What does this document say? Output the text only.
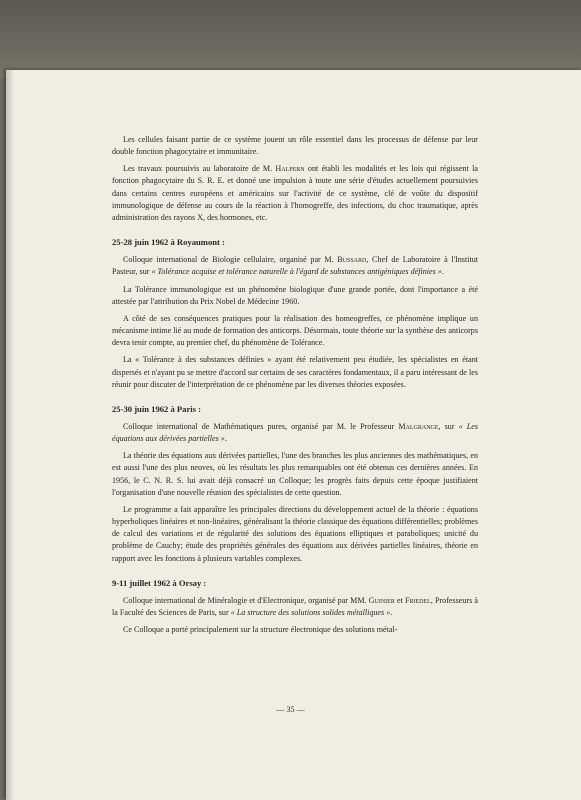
Les cellules faisant partie de ce système jouent un rôle essentiel dans les processus de défense par leur double fonction phagocytaire et immunitaire.

Les travaux poursuivis au laboratoire de M. Halpern ont établi les modalités et les lois qui régissent la fonction phagocytaire du S. R. E. et donné une impulsion à toute une série d'études actuellement poursuivies dans certains centres européens et américains sur l'activité de ce système, clé de voûte du dispositif immunologique de défense au cours de la réaction à l'homogreffe, des infections, du choc traumatique, après administration des rayons X, des hormones, etc.

25-28 juin 1962 à Royaumont :

Colloque international de Biologie cellulaire, organisé par M. Bussard, Chef de Laboratoire à l'Institut Pasteur, sur « Tolérance acquise et tolérance naturelle à l'égard de substances antigéniques définies ».

La Tolérance immunologique est un phénomène biologique d'une grande portée, dont l'importance a été attestée par l'attribution du Prix Nobel de Médecine 1960.

A côté de ses conséquences pratiques pour la réalisation des homeogreffes, ce phénomène implique un mécanisme intime lié au mode de formation des anticorps. Désormais, toute théorie sur la synthèse des anticorps devra tenir compte, au premier chef, du phénomène de Tolérance.

La « Tolérance à des substances définies » ayant été relativement peu étudiée, les spécialistes en étant dispersés et n'ayant pu se mettre d'accord sur certains de ses caractères fondamentaux, il a paru intéressant de les réunir pour discuter de l'interprétation de ce phénomène par les diverses théories exposées.

25-30 juin 1962 à Paris :

Colloque international de Mathématiques pures, organisé par M. le Professeur Malgrange, sur « Les équations aux dérivées partielles ».

La théorie des équations aux dérivées partielles, l'une des branches les plus anciennes des mathématiques, en est aussi l'une des plus neuves, où les résultats les plus remarquables ont été obtenus ces dernières années. En 1956, le C. N. R. S. lui avait déjà consacré un Colloque; les progrès faits depuis cette époque justifiaient l'organisation d'une nouvelle réunion des spécialistes de cette question.

Le programme a fait apparaître les principales directions du développement actuel de la théorie : équations hyperboliques linéaires et non-linéaires, généralisant la théorie classique des équations différentielles; problèmes de calcul des variations et de régularité des solutions des équations elliptiques et paraboliques; unicité du problème de Cauchy; étude des propriétés générales des équations aux dérivées partielles linéaires, théorie en rapport avec les fonctions à plusieurs variables complexes.

9-11 juillet 1962 à Orsay :

Colloque international de Minéralogie et d'Electronique, organisé par MM. Guinier et Friedel, Professeurs à la Faculté des Sciences de Paris, sur « La structure des solutions solides métalliques ».

Ce Colloque a porté principalement sur la structure électronique des solutions métal-

— 35 —
